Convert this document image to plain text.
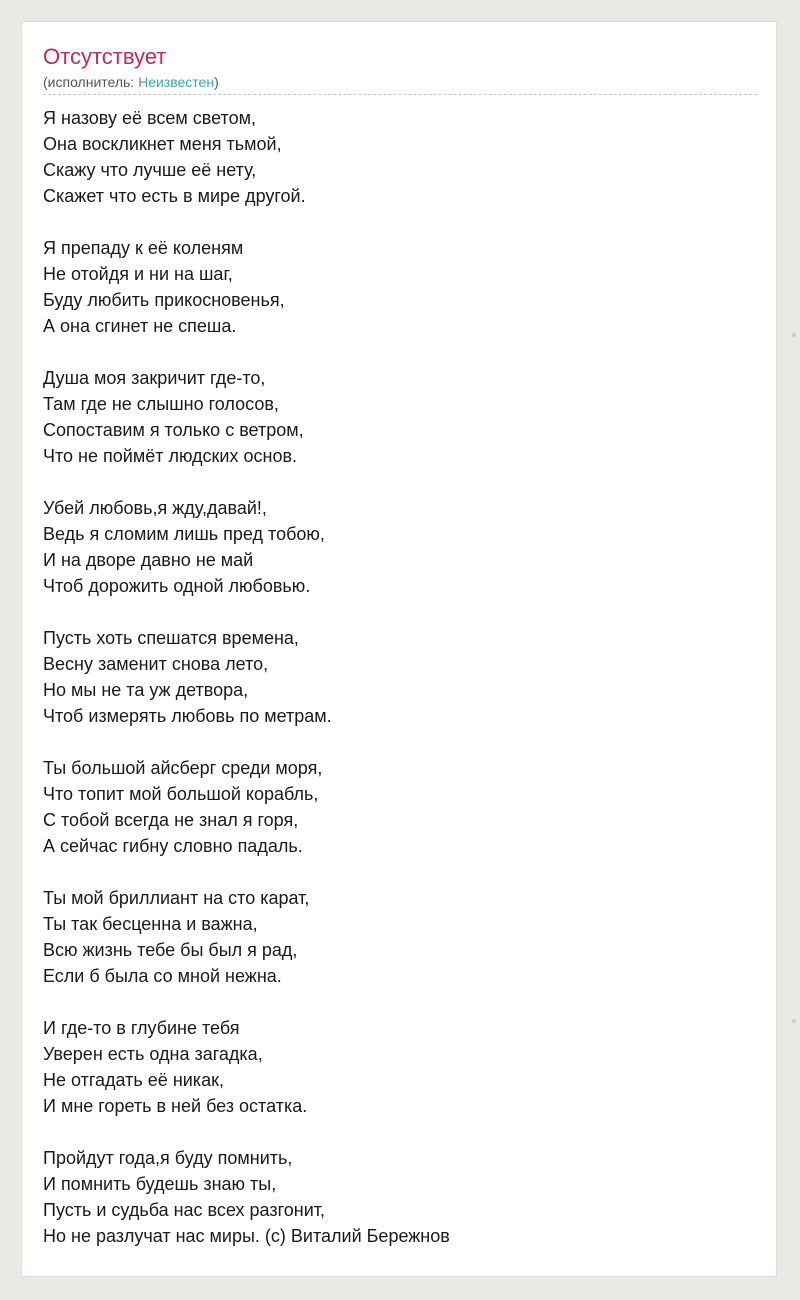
Отсутствует
(исполнитель: Неизвестен)
Я назову её всем светом,
Она воскликнет меня тьмой,
Скажу что лучше её нету,
Скажет что есть в мире другой.
Я препаду к её коленям
Не отойдя и ни на шаг,
Буду любить прикосновенья,
А она сгинет не спеша.
Душа моя закричит где-то,
Там где не слышно голосов,
Сопоставим я только с ветром,
Что не поймёт людских основ.
Убей любовь,я жду,давай!,
Ведь я сломим лишь пред тобою,
И на дворе давно не май
Чтоб дорожить одной любовью.
Пусть хоть спешатся времена,
Весну заменит снова лето,
Но мы не та уж детвора,
Чтоб измерять любовь по метрам.
Ты большой айсберг среди моря,
Что топит мой большой корабль,
С тобой всегда не знал я горя,
А сейчас гибну словно падаль.
Ты мой бриллиант на сто карат,
Ты так бесценна и важна,
Всю жизнь тебе бы был я рад,
Если б была со мной нежна.
И где-то в глубине тебя
Уверен есть одна загадка,
Не отгадать её никак,
И мне гореть в ней без остатка.
Пройдут года,я буду помнить,
И помнить будешь знаю ты,
Пусть и судьба нас всех разгонит,
Но не разлучат нас миры. (с) Виталий Бережнов
